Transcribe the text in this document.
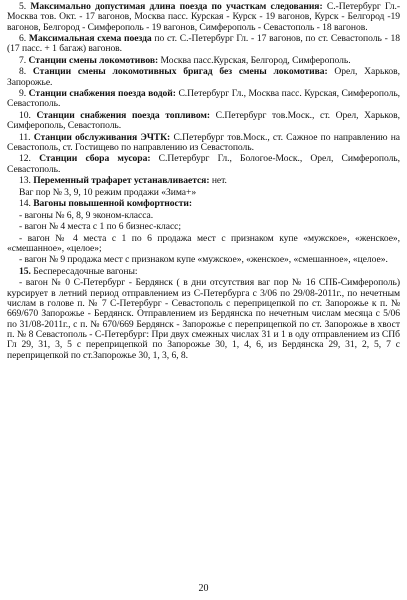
5. Максимально допустимая длина поезда по участкам следования: С.-Петербург Гл.- Москва тов. Окт. - 17 вагонов, Москва пасс. Курская - Курск - 19 вагонов, Курск - Белгород -19 вагонов, Белгород - Симферополь - 19 вагонов, Симферополь - Севастополь - 18 вагонов.

6. Максимальная схема поезда по ст. С.-Петербург Гл. - 17 вагонов, по ст. Севастополь - 18 (17 пасс. + 1 багаж) вагонов.

7. Станции смены локомотивов: Москва пасс.Курская, Белгород, Симферополь.

8. Станции смены локомотивных бригад без смены локомотива: Орел, Харьков, Запорожье.

9. Станции снабжения поезда водой: С.Петербург Гл., Москва пасс. Курская, Симферополь, Севастополь.

10. Станции снабжения поезда топливом: С.Петербург тов.Моск., ст. Орел, Харьков, Симферополь, Севастополь.

11. Станции обслуживания ЭЧТК: С.Петербург тов.Моск., ст. Сажное по направлению на Севастополь, ст. Гостищево по направлению из Севастополь.

12. Станции сбора мусора: С.Петербург Гл., Бологое-Моск., Орел, Симферополь, Севастополь.

13. Переменный трафарет устанавливается: нет.

Ваг пор № 3, 9, 10 режим продажи «Зима+»

14. Вагоны повышенной комфортности:

- вагоны № 6, 8, 9 эконом-класса.

- вагон № 4 места с 1 по 6 бизнес-класс;

- вагон № 4 места с 1 по 6 продажа мест с признаком купе «мужское», «женское», «смешанное», «целое»;

- вагон № 9 продажа мест с признаком купе «мужское», «женское», «смешанное», «целое».

15. Беспересадочные вагоны:

- вагон № 0 С-Петербург - Бердянск ( в дни отсутствия ваг пор № 16 СПБ-Симферополь) курсирует в летний период отправлением из С-Петербурга с 3/06 по 29/08-2011г., по нечетным числам в голове п. № 7 С-Петербург - Севастополь с переприцепкой по ст. Запорожье к п. № 669/670 Запорожье - Бердянск. Отправлением из Бердянска по нечетным числам месяца с 5/06 по 31/08-2011г., с п. № 670/669 Бердянск - Запорожье с переприцепкой по ст. Запорожье в хвост п. № 8 Севастополь - С-Петербург: При двух смежных числах 31 и 1 в оду отправлением из СПб Гл 29, 31, 3, 5 с переприцепкой по Запорожье 30, 1, 4, 6, из Бердянска 29, 31, 2, 5, 7 с переприцепкой по ст.Запорожье 30, 1, 3, 6, 8.

20
